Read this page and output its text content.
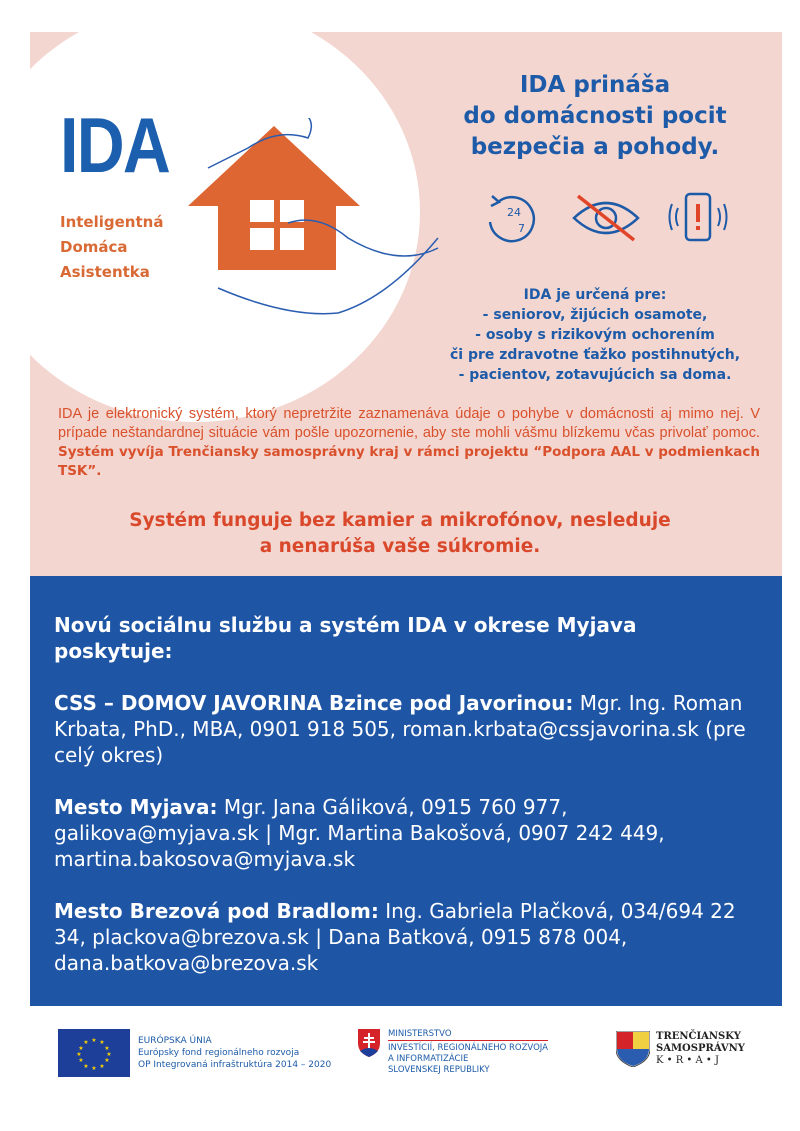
IDA
Inteligentná
Domáca
Asistentka
IDA prináša
do domácnosti pocit
bezpečia a pohody.
24
7
IDA je určená pre:
- seniorov, žijúcich osamote,
- osoby s rizikovým ochorením
či pre zdravotne ťažko postihnutých,
- pacientov, zotavujúcich sa doma.
IDA je elektronický systém, ktorý nepretržite zaznamenáva údaje o pohybe v domácnosti aj mimo nej. V prípade neštandardnej situácie vám pošle upozornenie, aby ste mohli vášmu blízkemu včas privolať pomoc. Systém vyvíja Trenčiansky samosprávny kraj v rámci projektu “Podpora AAL v podmienkach TSK”.
Systém funguje bez kamier a mikrofónov, nesleduje
a nenarúša vaše súkromie.

Novú sociálnu službu a systém IDA v okrese Myjava poskytuje:

CSS – DOMOV JAVORINA Bzince pod Javorinou: Mgr. Ing. Roman Krbata, PhD., MBA, 0901 918 505, roman.krbata@cssjavorina.sk (pre celý okres)

Mesto Myjava: Mgr. Jana Gáliková, 0915 760 977, galikova@myjava.sk | Mgr. Martina Bakošová, 0907 242 449, martina.bakosova@myjava.sk

Mesto Brezová pod Bradlom: Ing. Gabriela Plačková, 034/694 22 34, plackova@brezova.sk | Dana Batková, 0915 878 004, dana.batkova@brezova.sk

★ ★
★
★
★
★
★
★
★
★
★
★	EURÓPSKA ÚNIA
Európsky fond regionálneho rozvoja
OP Integrovaná infraštruktúra 2014 – 2020
MINISTERSTVO
INVESTÍCIÍ, REGIONÁLNEHO ROZVOJA
A INFORMATIZÁCIE
SLOVENSKEJ REPUBLIKY
TRENČIANSKY
SAMOSPRÁVNY
K • R • A • J
